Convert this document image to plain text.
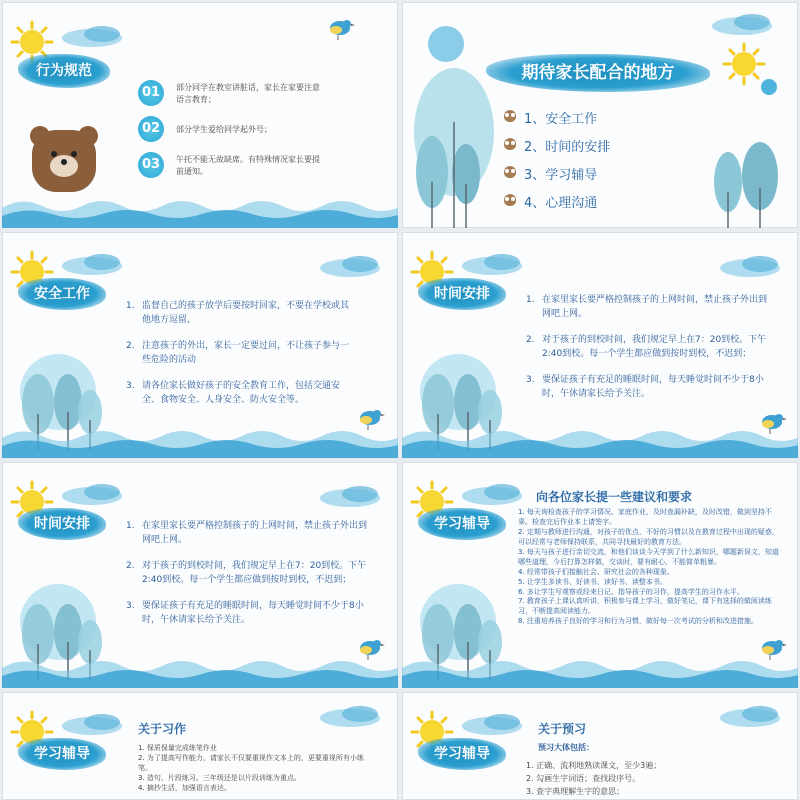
行为规范
01	部分同学在教室讲脏话，家长在家要注意语言教育；
02	部分学生爱给同学起外号；
03	午托不能无故缺席。有特殊情况家长要提前通知。
期待家长配合的地方
1、安全工作
2、时间的安排
3、学习辅导
4、心理沟通
安全工作
1. 监督自己的孩子放学后要按时回家，不要在学校或其他地方逗留，
2. 注意孩子的外出，家长一定要过问，不让孩子参与一些危险的活动
3. 请各位家长做好孩子的安全教育工作，包括交通安全、食物安全、人身安全、防火安全等。
时间安排	1. 在家里家长要严格控制孩子的上网时间，禁止孩子外出到网吧上网。
2. 对于孩子的到校时间，我们规定早上在7：20到校。下午2:40到校。每一个学生都应做到按时到校，不迟到；
3. 要保证孩子有充足的睡眠时间，每天睡觉时间不少于8小时，午休请家长给予关注。
时间安排	1. 在家里家长要严格控制孩子的上网时间，禁止孩子外出到网吧上网。
2. 对于孩子的到校时间，我们规定早上在7：20到校。下午2:40到校。每一个学生都应做到按时到校，不迟到；
3. 要保证孩子有充足的睡眠时间，每天睡觉时间不少于8小时，午休请家长给予关注。
学习辅导
向各位家长提一些建议和要求
1. 每天询检查孩子的学习情况、家庭作业，及时查漏补缺，及时改错，做到坚持不辜。检查完后作业本上请签字。
2. 定期与教师进行沟通，对孩子的优点、不好的习惯以及在教育过程中出现的疑惑，可以经常与老师保持联系，共同寻找最好的教育方法。
3. 每天与孩子进行亲切交流，和他们谈谈今天学到了什么新知识，哪题新误文，知道哪些道理，今后打算怎样做，交谈时，要有耐心，不能简单粗暴。
4. 经常带孩子们接触社会、研究社会的各种现象。
5. 让学生多读书、好读书、读好书、读整本书。
6. 多让学生写观察或经来日记，指导孩子的习作，提高学生的习作水平。
7. 教育孩子上课认真听讲，积极参与课上学习，做好笔记，课下有选择的做阅读练习，不断提高阅读能力。
8. 注重培养孩子良好的学习和行为习惯，做好每一次考试的分析和改进措施。
学习辅导
关于习作
1. 保质保量完成练笔作业
2. 为了提高写作能力，请家长不仅要重视作文本上的，更要重视所有小练笔。
3. 造句、片段练习。三年级还是以片段训练为重点。
4. 摘抄生活，加强语言表达。
学习辅导
关于预习
预习大体包括：
1. 正确、流利地熟读课文，至少3遍；
2. 勾画生字词语；查找段序号。
3. 查字典理解生字的意思；
